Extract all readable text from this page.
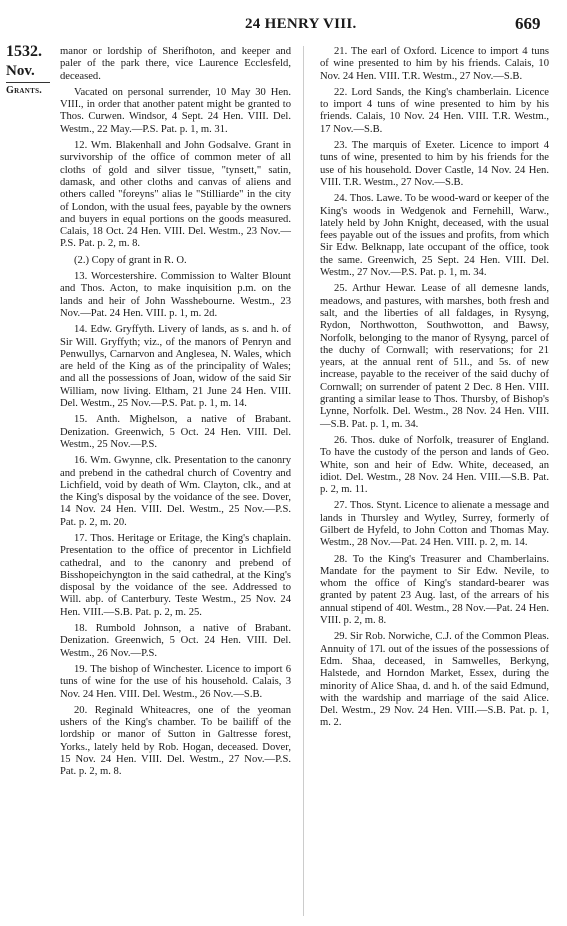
24 HENRY VIII.	669
1532.
Nov.
Grants.

manor or lordship of Sherifhoton, and keeper and paler of the park there, vice Laurence Ecclesfeld, deceased.

Vacated on personal surrender, 10 May 30 Hen. VIII., in order that another patent might be granted to Thos. Curwen. Windsor, 4 Sept. 24 Hen. VIII. Del. Westm., 22 May.—P.S. Pat. p. 1, m. 31.

12. Wm. Blakenhall and John Godsalve. Grant in survivorship of the office of common meter of all cloths of gold and silver tissue, "tynsett," satin, damask, and other cloths and canvas of aliens and others called "foreyns" alias le "Stilliarde" in the city of London, with the usual fees, payable by the owners and buyers in equal portions on the goods measured. Calais, 18 Oct. 24 Hen. VIII. Del. Westm., 23 Nov.—P.S. Pat. p. 2, m. 8.

(2.) Copy of grant in R. O.

13. Worcestershire. Commission to Walter Blount and Thos. Acton, to make inquisition p.m. on the lands and heir of John Wasshebourne. Westm., 23 Nov.—Pat. 24 Hen. VIII. p. 1, m. 2d.

14. Edw. Gryffyth. Livery of lands, as s. and h. of Sir Will. Gryffyth; viz., of the manors of Penryn and Penwullys, Carnarvon and Anglesea, N. Wales, which are held of the King as of the principality of Wales; and all the possessions of Joan, widow of the said Sir William, now living. Eltham, 21 June 24 Hen. VIII. Del. Westm., 25 Nov.—P.S. Pat. p. 1, m. 14.

15. Anth. Mighelson, a native of Brabant. Denization. Greenwich, 5 Oct. 24 Hen. VIII. Del. Westm., 25 Nov.—P.S.

16. Wm. Gwynne, clk. Presentation to the canonry and prebend in the cathedral church of Coventry and Lichfield, void by death of Wm. Clayton, clk., and at the King's disposal by the voidance of the see. Dover, 14 Nov. 24 Hen. VIII. Del. Westm., 25 Nov.—P.S. Pat. p. 2, m. 20.

17. Thos. Heritage or Eritage, the King's chaplain. Presentation to the office of precentor in Lichfield cathedral, and to the canonry and prebend of Bisshopeichyngton in the said cathedral, at the King's disposal by the voidance of the see. Addressed to Will. abp. of Canterbury. Teste Westm., 25 Nov. 24 Hen. VIII.—S.B. Pat. p. 2, m. 25.

18. Rumbold Johnson, a native of Brabant. Denization. Greenwich, 5 Oct. 24 Hen. VIII. Del. Westm., 26 Nov.—P.S.

19. The bishop of Winchester. Licence to import 6 tuns of wine for the use of his household. Calais, 3 Nov. 24 Hen. VIII. Del. Westm., 26 Nov.—S.B.

20. Reginald Whiteacres, one of the yeoman ushers of the King's chamber. To be bailiff of the lordship or manor of Sutton in Galtresse forest, Yorks., lately held by Rob. Hogan, deceased. Dover, 15 Nov. 24 Hen. VIII. Del. Westm., 27 Nov.—P.S. Pat. p. 2, m. 8.

21. The earl of Oxford. Licence to import 4 tuns of wine presented to him by his friends. Calais, 10 Nov. 24 Hen. VIII. T.R. Westm., 27 Nov.—S.B.

22. Lord Sands, the King's chamberlain. Licence to import 4 tuns of wine presented to him by his friends. Calais, 10 Nov. 24 Hen. VIII. T.R. Westm., 17 Nov.—S.B.

23. The marquis of Exeter. Licence to import 4 tuns of wine, presented to him by his friends for the use of his household. Dover Castle, 14 Nov. 24 Hen. VIII. T.R. Westm., 27 Nov.—S.B.

24. Thos. Lawe. To be wood-ward or keeper of the King's woods in Wedgenok and Fernehill, Warw., lately held by John Knight, deceased, with the usual fees payable out of the issues and profits, from which Sir Edw. Belknapp, late occupant of the office, took the same. Greenwich, 25 Sept. 24 Hen. VIII. Del. Westm., 27 Nov.—P.S. Pat. p. 1, m. 34.

25. Arthur Hewar. Lease of all demesne lands, meadows, and pastures, with marshes, both fresh and salt, and the liberties of all faldages, in Rysyng, Rydon, Northwotton, Southwotton, and Bawsy, Norfolk, belonging to the manor of Rysyng, parcel of the duchy of Cornwall; with reservations; for 21 years, at the annual rent of 51l., and 5s. of new increase, payable to the receiver of the said duchy of Cornwall; on surrender of patent 2 Dec. 8 Hen. VIII. granting a similar lease to Thos. Thursby, of Bishop's Lynne, Norfolk. Del. Westm., 28 Nov. 24 Hen. VIII.—S.B. Pat. p. 1, m. 34.

26. Thos. duke of Norfolk, treasurer of England. To have the custody of the person and lands of Geo. White, son and heir of Edw. White, deceased, an idiot. Del. Westm., 28 Nov. 24 Hen. VIII.—S.B. Pat. p. 2, m. 11.

27. Thos. Stynt. Licence to alienate a message and lands in Thursley and Wytley, Surrey, formerly of Gilbert de Hyfeld, to John Cotton and Thomas May. Westm., 28 Nov.—Pat. 24 Hen. VIII. p. 2, m. 14.

28. To the King's Treasurer and Chamberlains. Mandate for the payment to Sir Edw. Nevile, to whom the office of King's standard-bearer was granted by patent 23 Aug. last, of the arrears of his annual stipend of 40l. Westm., 28 Nov.—Pat. 24 Hen. VIII. p. 2, m. 8.

29. Sir Rob. Norwiche, C.J. of the Common Pleas. Annuity of 17l. out of the issues of the possessions of Edm. Shaa, deceased, in Samwelles, Berkyng, Halstede, and Horndon Market, Essex, during the minority of Alice Shaa, d. and h. of the said Edmund, with the wardship and marriage of the said Alice. Del. Westm., 29 Nov. 24 Hen. VIII.—S.B. Pat. p. 1, m. 2.
